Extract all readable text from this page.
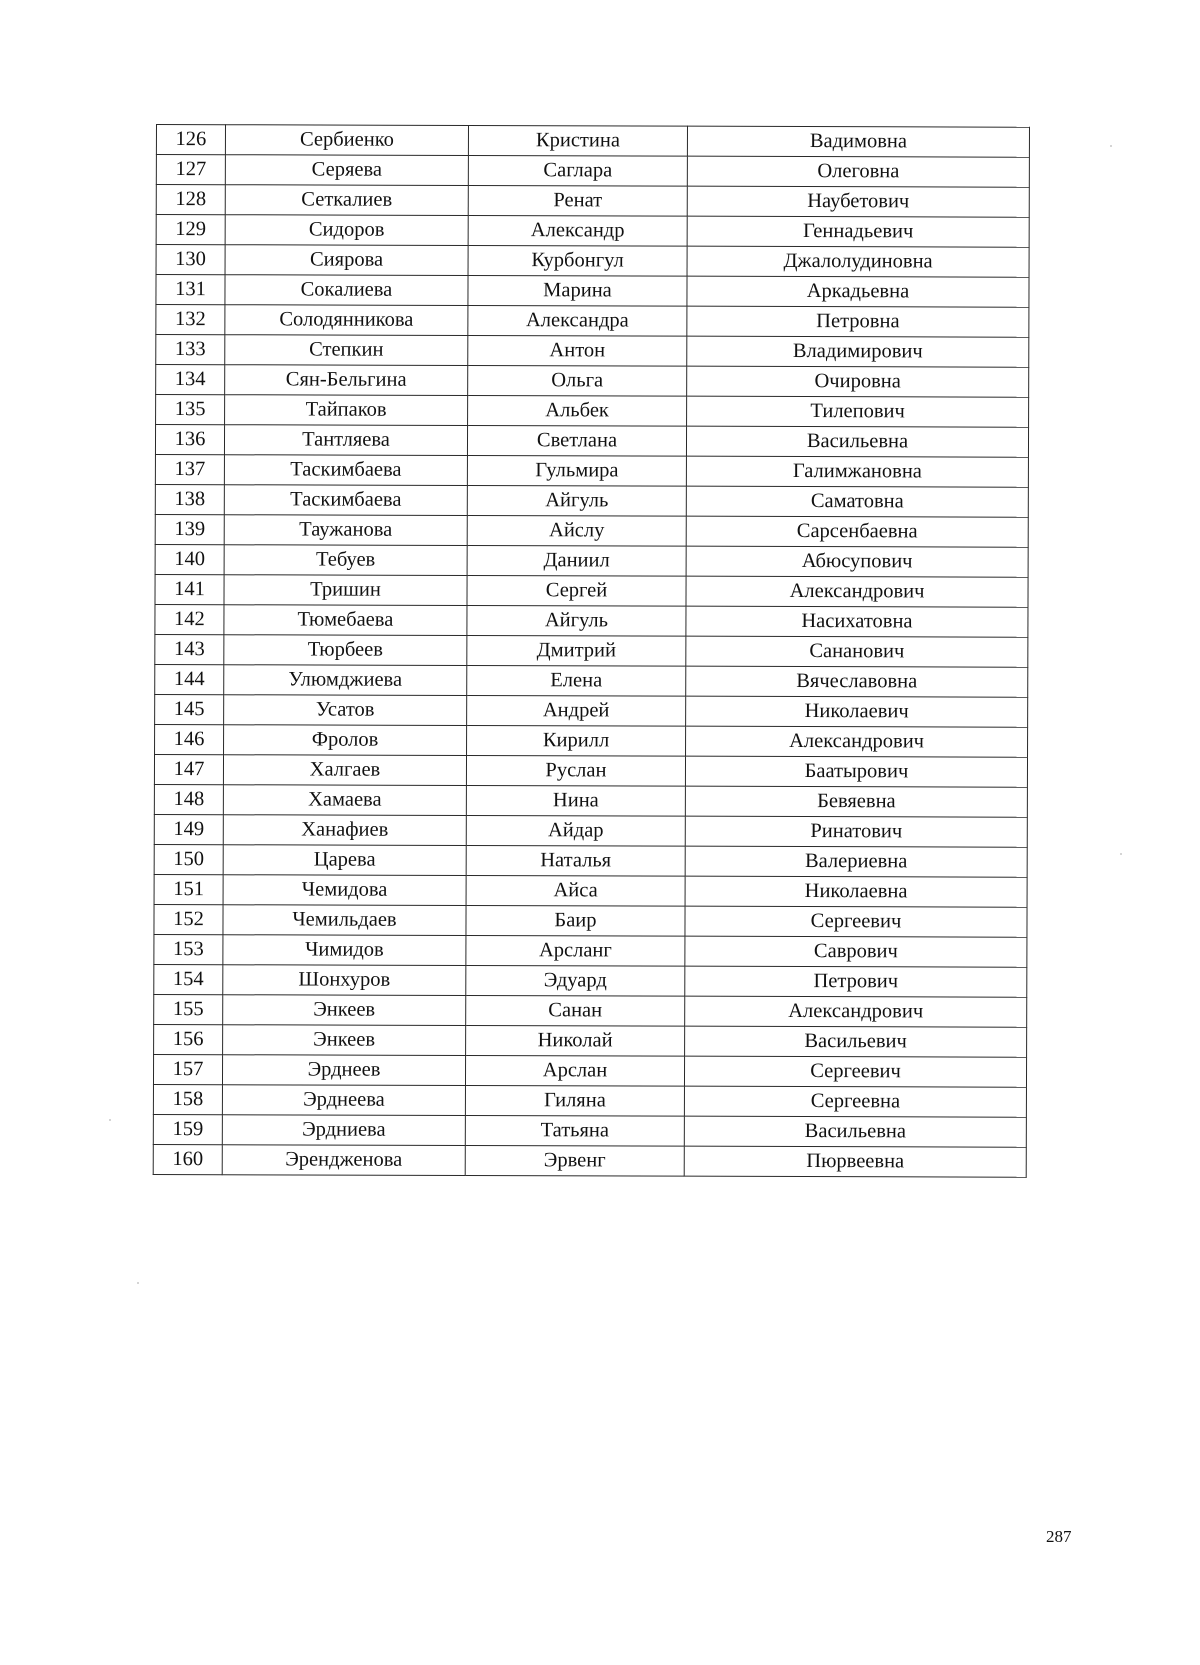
126	Сербиенко	Кристина	Вадимовна
127	Серяева	Саглара	Олеговна
128	Сеткалиев	Ренат	Наубетович
129	Сидоров	Александр	Геннадьевич
130	Сиярова	Курбонгул	Джалолудиновна
131	Сокалиева	Марина	Аркадьевна
132	Солодянникова	Александра	Петровна
133	Степкин	Антон	Владимирович
134	Сян-Бельгина	Ольга	Очировна
135	Тайпаков	Альбек	Тилепович
136	Тантляева	Светлана	Васильевна
137	Таскимбаева	Гульмира	Галимжановна
138	Таскимбаева	Айгуль	Саматовна
139	Таужанова	Айслу	Сарсенбаевна
140	Тебуев	Даниил	Абюсупович
141	Тришин	Сергей	Александрович
142	Тюмебаева	Айгуль	Насихатовна
143	Тюрбеев	Дмитрий	Сананович
144	Улюмджиева	Елена	Вячеславовна
145	Усатов	Андрей	Николаевич
146	Фролов	Кирилл	Александрович
147	Халгаев	Руслан	Баатырович
148	Хамаева	Нина	Бевяевна
149	Ханафиев	Айдар	Ринатович
150	Царева	Наталья	Валериевна
151	Чемидова	Айса	Николаевна
152	Чемильдаев	Баир	Сергеевич
153	Чимидов	Арсланг	Саврович
154	Шонхуров	Эдуард	Петрович
155	Энкеев	Санан	Александрович
156	Энкеев	Николай	Васильевич
157	Эрднеев	Арслан	Сергеевич
158	Эрднеева	Гиляна	Сергеевна
159	Эрдниева	Татьяна	Васильевна
160	Эрендженова	Эрвенг	Пюрвеевна
287
